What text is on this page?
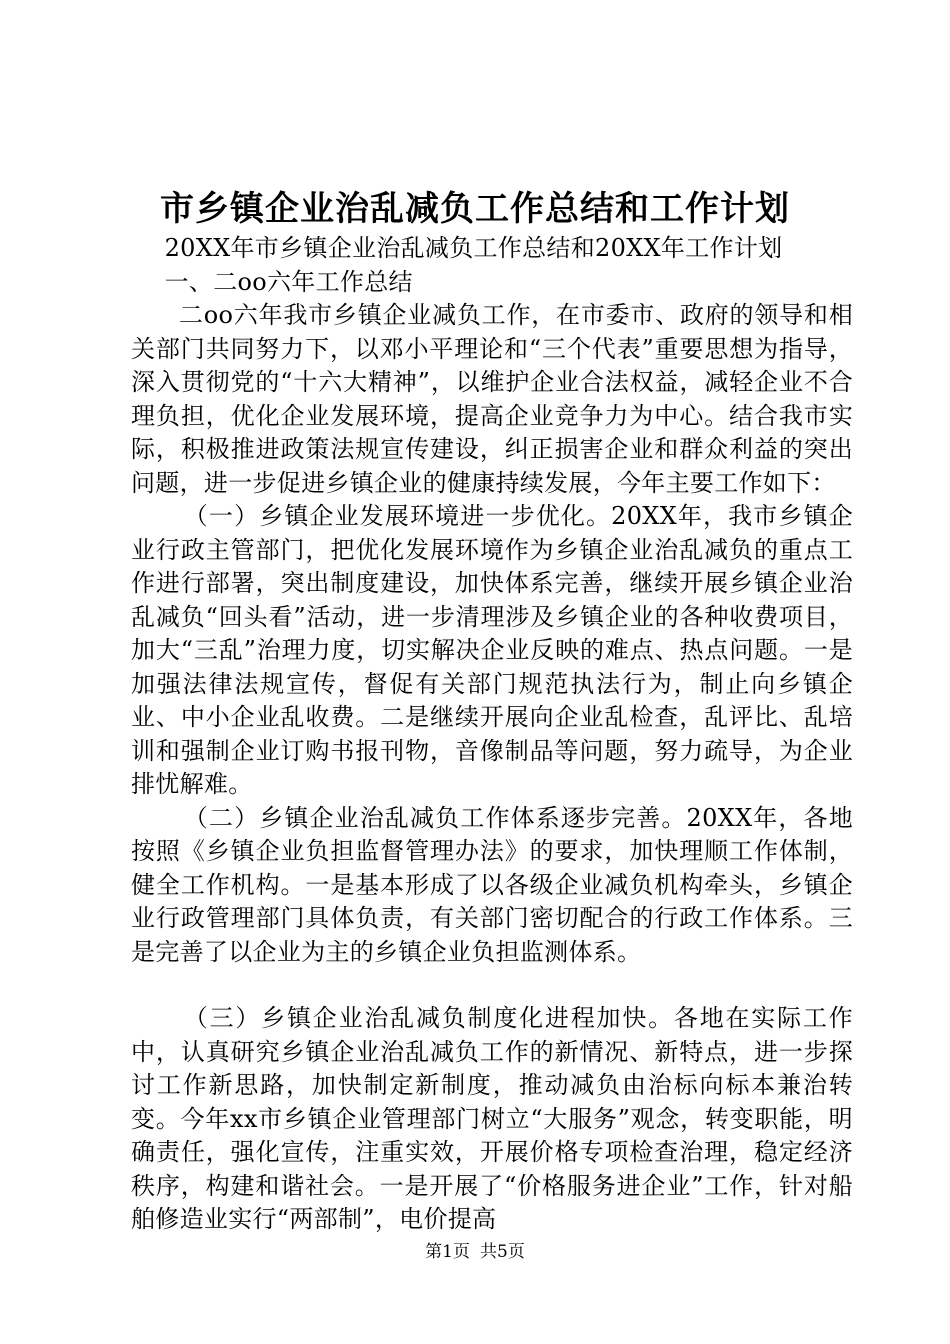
市乡镇企业治乱减负工作总结和工作计划

20XX年市乡镇企业治乱减负工作总结和20XX年工作计划

一、二oo六年工作总结

二oo六年我市乡镇企业减负工作，在市委市、政府的领导和相关部门共同努力下，以邓小平理论和“三个代表”重要思想为指导，深入贯彻党的“十六大精神”，以维护企业合法权益，减轻企业不合理负担，优化企业发展环境，提高企业竞争力为中心。结合我市实际，积极推进政策法规宣传建设，纠正损害企业和群众利益的突出问题，进一步促进乡镇企业的健康持续发展，今年主要工作如下：

（一）乡镇企业发展环境进一步优化。20XX年，我市乡镇企业行政主管部门，把优化发展环境作为乡镇企业治乱减负的重点工作进行部署，突出制度建设，加快体系完善，继续开展乡镇企业治乱减负“回头看”活动，进一步清理涉及乡镇企业的各种收费项目，加大“三乱”治理力度，切实解决企业反映的难点、热点问题。一是加强法律法规宣传，督促有关部门规范执法行为，制止向乡镇企业、中小企业乱收费。二是继续开展向企业乱检查，乱评比、乱培训和强制企业订购书报刊物，音像制品等问题，努力疏导，为企业排忧解难。

（二）乡镇企业治乱减负工作体系逐步完善。20XX年，各地按照《乡镇企业负担监督管理办法》的要求，加快理顺工作体制，健全工作机构。一是基本形成了以各级企业减负机构牵头，乡镇企业行政管理部门具体负责，有关部门密切配合的行政工作体系。三是完善了以企业为主的乡镇企业负担监测体系。

（三）乡镇企业治乱减负制度化进程加快。各地在实际工作中，认真研究乡镇企业治乱减负工作的新情况、新特点，进一步探讨工作新思路，加快制定新制度，推动减负由治标向标本兼治转变。今年xx市乡镇企业管理部门树立“大服务”观念，转变职能，明确责任，强化宣传，注重实效，开展价格专项检查治理，稳定经济秩序，构建和谐社会。一是开展了“价格服务进企业”工作，针对船舶修造业实行“两部制”，电价提高

第1页 共5页
